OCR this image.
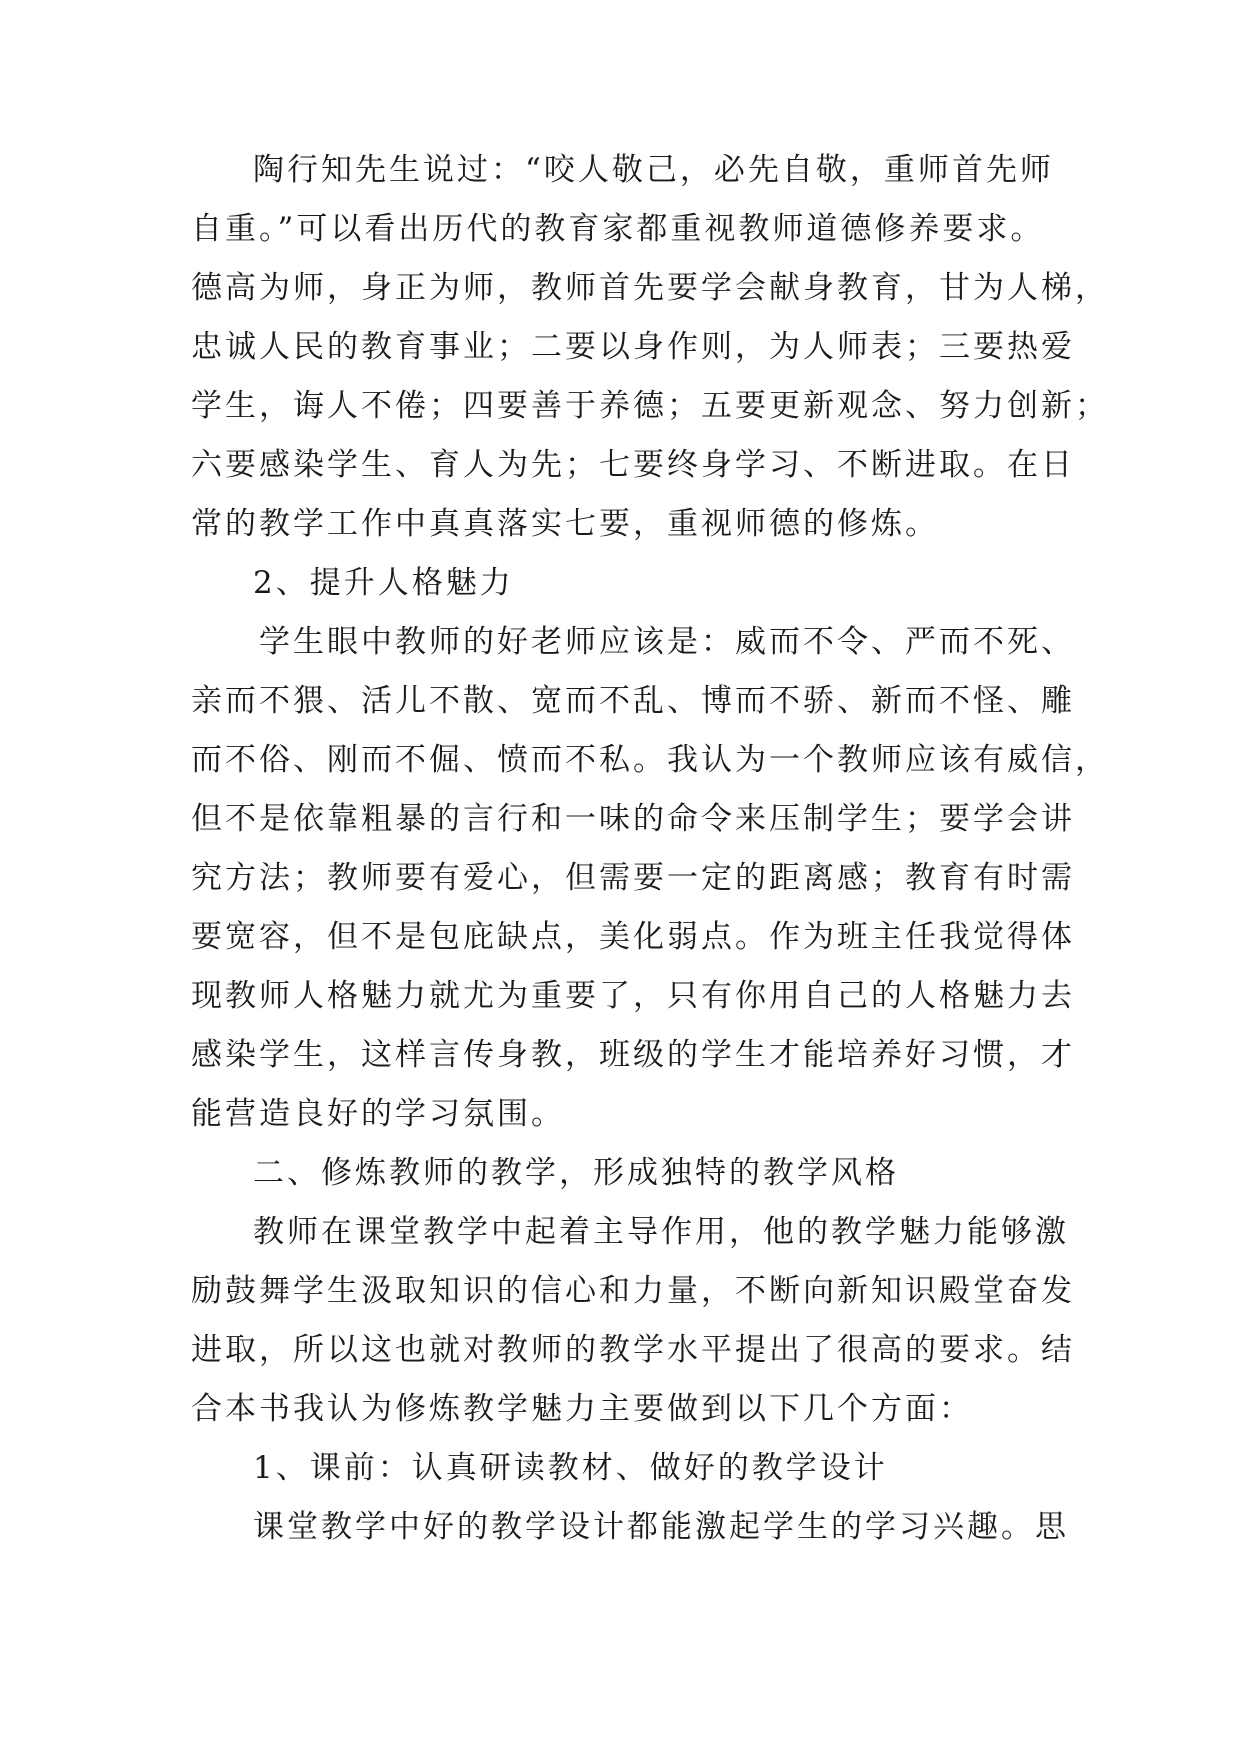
陶行知先生说过：“咬人敬己，必先自敬，重师首先师
自重。”可以看出历代的教育家都重视教师道德修养要求。
德高为师，身正为师，教师首先要学会献身教育，甘为人梯，
忠诚人民的教育事业；二要以身作则，为人师表；三要热爱
学生，诲人不倦；四要善于养德；五要更新观念、努力创新；
六要感染学生、育人为先；七要终身学习、不断进取。在日
常的教学工作中真真落实七要，重视师德的修炼。
2、提升人格魅力
学生眼中教师的好老师应该是：威而不令、严而不死、
亲而不猥、活儿不散、宽而不乱、博而不骄、新而不怪、雕
而不俗、刚而不倔、愤而不私。我认为一个教师应该有威信，
但不是依靠粗暴的言行和一味的命令来压制学生；要学会讲
究方法；教师要有爱心，但需要一定的距离感；教育有时需
要宽容，但不是包庇缺点，美化弱点。作为班主任我觉得体
现教师人格魅力就尤为重要了，只有你用自己的人格魅力去
感染学生，这样言传身教，班级的学生才能培养好习惯，才
能营造良好的学习氛围。
二、修炼教师的教学，形成独特的教学风格
教师在课堂教学中起着主导作用，他的教学魅力能够激
励鼓舞学生汲取知识的信心和力量，不断向新知识殿堂奋发
进取，所以这也就对教师的教学水平提出了很高的要求。结
合本书我认为修炼教学魅力主要做到以下几个方面：
1、课前：认真研读教材、做好的教学设计
课堂教学中好的教学设计都能激起学生的学习兴趣。思
